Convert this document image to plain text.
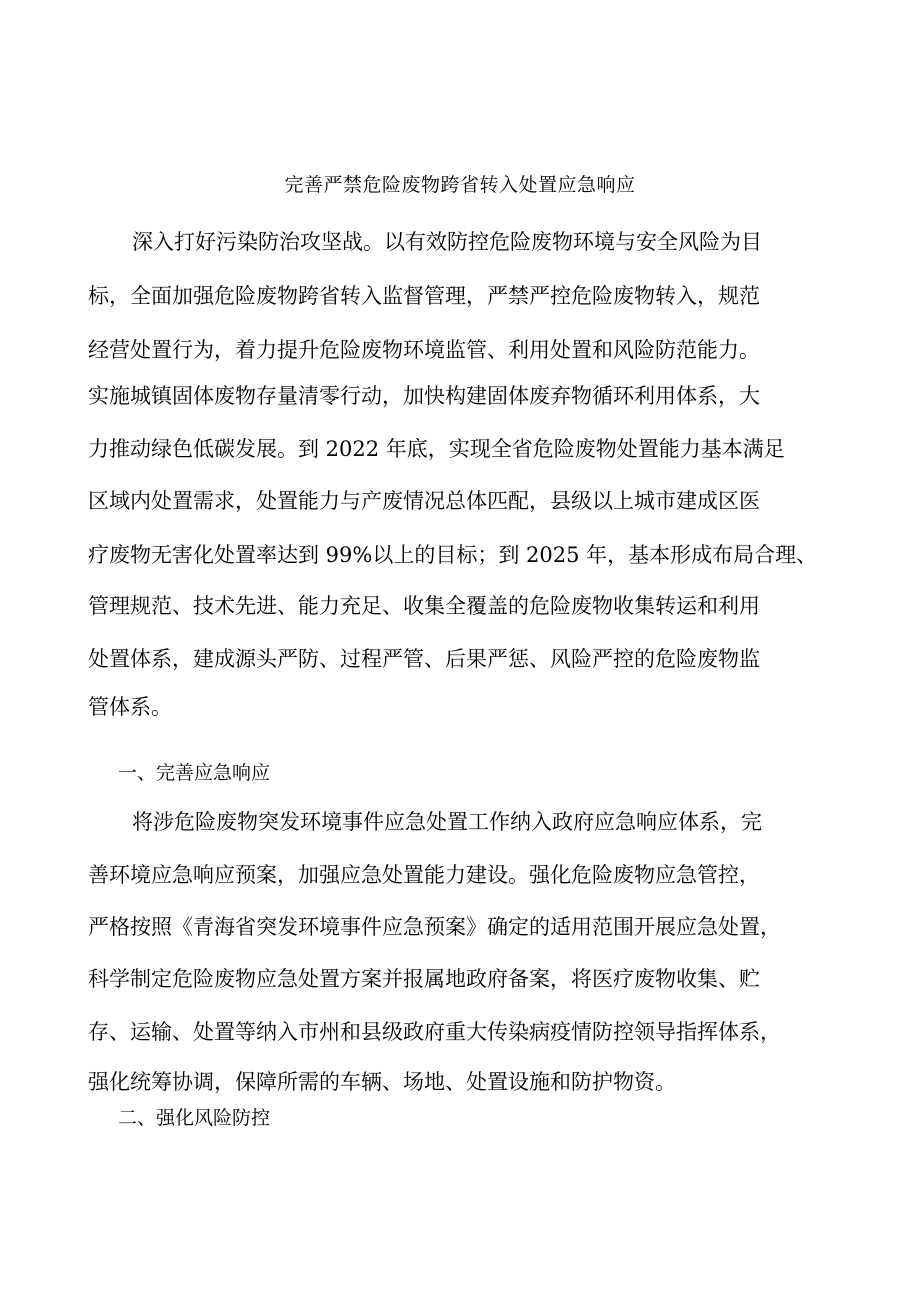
完善严禁危险废物跨省转入处置应急响应
深入打好污染防治攻坚战。以有效防控危险废物环境与安全风险为目
标，全面加强危险废物跨省转入监督管理，严禁严控危险废物转入，规范
经营处置行为，着力提升危险废物环境监管、利用处置和风险防范能力。
实施城镇固体废物存量清零行动，加快构建固体废弃物循环利用体系，大
力推动绿色低碳发展。到 2022 年底，实现全省危险废物处置能力基本满足
区域内处置需求，处置能力与产废情况总体匹配，县级以上城市建成区医
疗废物无害化处置率达到 99%以上的目标；到 2025 年，基本形成布局合理、
管理规范、技术先进、能力充足、收集全覆盖的危险废物收集转运和利用
处置体系，建成源头严防、过程严管、后果严惩、风险严控的危险废物监
管体系。
一、完善应急响应
将涉危险废物突发环境事件应急处置工作纳入政府应急响应体系，完
善环境应急响应预案，加强应急处置能力建设。强化危险废物应急管控，
严格按照《青海省突发环境事件应急预案》确定的适用范围开展应急处置，
科学制定危险废物应急处置方案并报属地政府备案，将医疗废物收集、贮
存、运输、处置等纳入市州和县级政府重大传染病疫情防控领导指挥体系，
强化统筹协调，保障所需的车辆、场地、处置设施和防护物资。
二、强化风险防控
